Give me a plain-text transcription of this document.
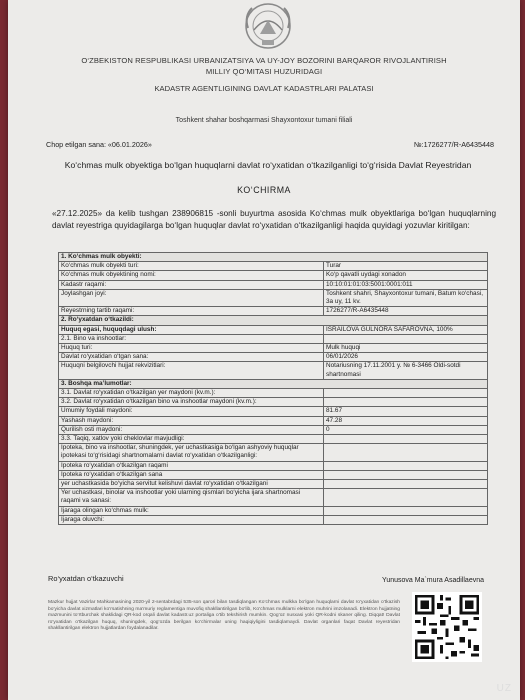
O‘ZBEKISTON RESPUBLIKASI URBANIZATSIYA VA UY-JOY BOZORINI BARQAROR RIVOJLANTIRISH
MILLIY QO‘MITASI HUZURIDAGI
KADASTR AGENTLIGINING DAVLAT KADASTRLARI PALATASI
Toshkent shahar boshqarmasi Shayxontoxur tumani filiali
Chop etilgan sana: «06.01.2026»	№:1726277/R-A6435448
Ko‘chmas mulk obyektiga bo‘lgan huquqlarni davlat ro‘yxatidan o‘tkazilganligi to‘g‘risida Davlat Reyestridan
KO‘CHIRMA
«27.12.2025» da kelib tushgan 238906815 -sonli buyurtma asosida Ko‘chmas mulk obyektlariga bo‘lgan huquqlarning davlat reyestriga quyidagilarga bo‘lgan huquqlar davlat ro‘yxatidan o‘tkazilganligi haqida quyidagi yozuvlar kiritilgan:
1. Ko‘chmas mulk obyekti:	
Ko‘chmas mulk obyekti turi:	Turar
Ko‘chmas mulk obyektining nomi:	Ko‘p qavatli uydagi xonadon
Kadastr raqami:	10:10:01:01:03:5001:0001:011
Joylashgan joyi:	Toshkent shahri, Shayxontoxur tumani, Batum ko‘chasi, 3a uy, 11 kv.
Reyestrning tartib raqami:	1726277/R-A6435448
2. Ro‘yxatdan o‘tkazildi:	
Huquq egasi, huquqdagi ulush:	ISRAILOVA GULNORA SAFAROVNA, 100%
2.1. Bino va inshootlar:	
Huquq turi:	Mulk huquqi
Davlat ro‘yxatidan o‘tgan sana:	06/01/2026
Huquqni belgilovchi hujjat rekvizitlari:	Notariusning 17.11.2001 y. № 6-3466 Oldi-sotdi shartnomasi
3. Boshqa ma’lumotlar:	
3.1. Davlat ro‘yxatidan o‘tkazilgan yer maydoni (kv.m.):	
3.2. Davlat ro‘yxatidan o‘tkazilgan bino va inshootlar maydoni (kv.m.):	
Umumiy foydali maydoni:	81.67
Yashash maydoni:	47.28
Qurilish osti maydoni:	0
3.3. Taqiq, xatlov yoki cheklovlar mavjudligi:	
Ipoteka, bino va inshootlar, shuningdek, yer uchastkasiga bo‘lgan ashyoviy huquqlar ipotekasi to‘g‘risidagi shartnomalarni davlat ro‘yxatidan o‘tkazilganligi:	
Ipoteka ro‘yxatidan o‘tkazilgan raqami	
Ipoteka ro‘yxatidan o‘tkazilgan sana	
yer uchastkasida bo‘yicha servitut kelishuvi davlat ro‘yxatidan o‘tkazilgani	
Yer uchastkasi, binolar va inshootlar yoki ularning qismlari bo‘yicha ijara shartnomasi raqami va sanasi:	
Ijaraga olingan ko‘chmas mulk:	
Ijaraga oluvchi:	
Ro‘yxatdan o‘tkazuvchi	Yunusova Ma`mura Asadillaevna
Mazkur hujjat Vazirlar Mahkamasining 2020-yil 2-sentabrdagi 535-son qarori bilan tasdiqlangan Ko‘chmas mulkka bo‘lgan huquqlarni davlat ro‘yxatidan o‘tkazish bo‘yicha davlat xizmatlari ko‘rsatishning ma’muriy reglamentiga muvofiq shakllantirilgan bo‘lib, Ko‘chmas mulklarni elektron muhrini imzolanadi. Elektron hujjatning mazmunini to‘rtburchak shaklidagi QR-kod orqali davlat kadastr.uz portaliga o‘tib tekshirish mumkin. Qog‘oz nusxasi yoki QR-kodni skaner qiling. Diqqat! Davlat ro‘yxatidan o‘tkazilgan huquq, shuningdek, qog‘ozda berilgan ko‘chirmalar uning haqiqiyligini tasdiqlamaydi. Davlat organlari faqat Davlat reyestridan shakllantirilgan elektron hujjatlardan foydalanadilar.
UZ
